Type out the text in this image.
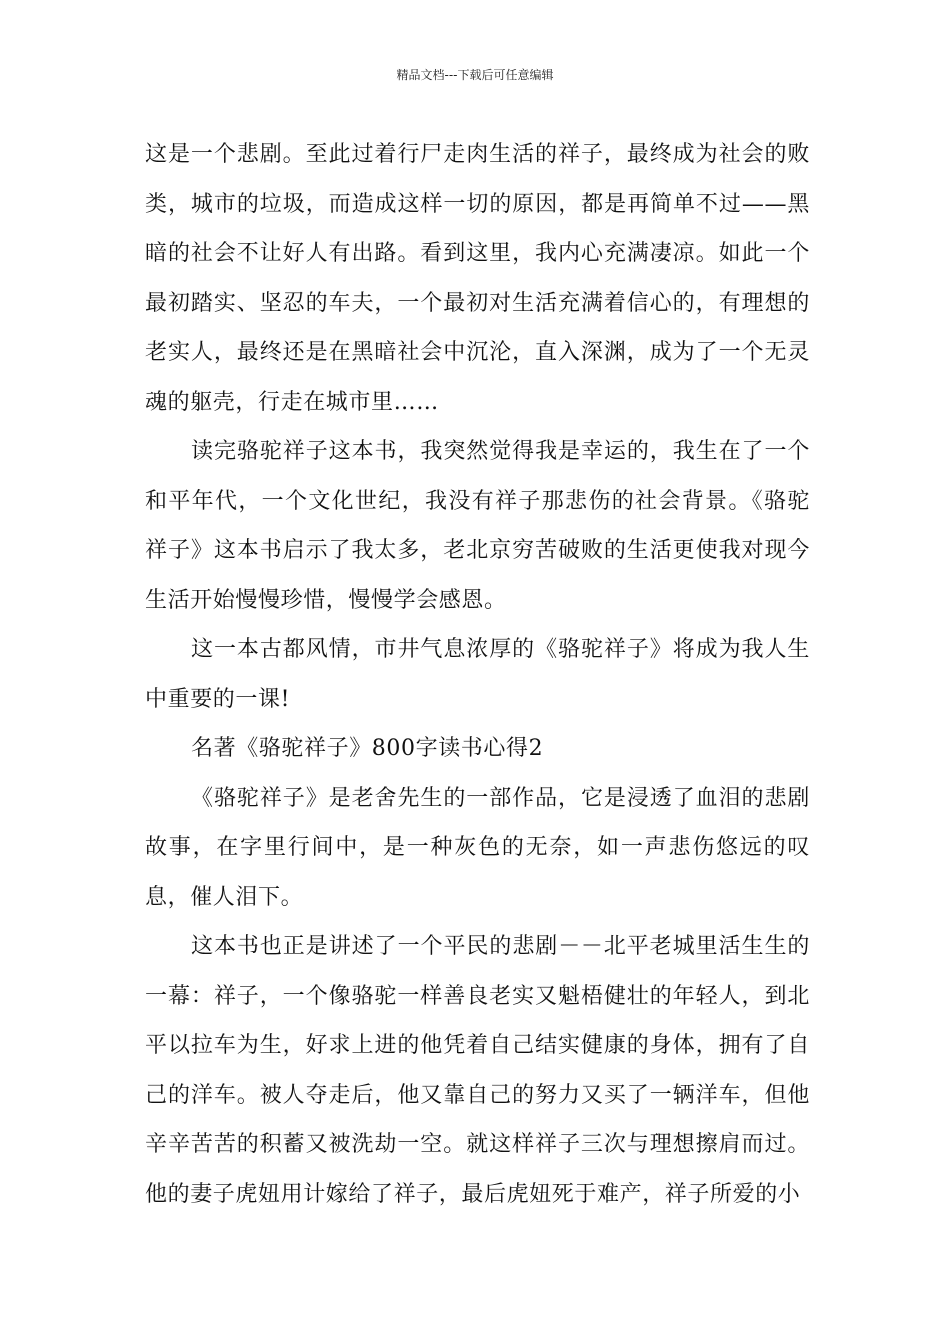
精品文档---下载后可任意编辑

这是一个悲剧。至此过着行尸走肉生活的祥子，最终成为社会的败类，城市的垃圾，而造成这样一切的原因，都是再简单不过——黑暗的社会不让好人有出路。看到这里，我内心充满凄凉。如此一个最初踏实、坚忍的车夫，一个最初对生活充满着信心的，有理想的老实人，最终还是在黑暗社会中沉沦，直入深渊，成为了一个无灵魂的躯壳，行走在城市里……

读完骆驼祥子这本书，我突然觉得我是幸运的，我生在了一个和平年代，一个文化世纪，我没有祥子那悲伤的社会背景。《骆驼祥子》这本书启示了我太多，老北京穷苦破败的生活更使我对现今生活开始慢慢珍惜，慢慢学会感恩。

这一本古都风情，市井气息浓厚的《骆驼祥子》将成为我人生中重要的一课!

名著《骆驼祥子》800字读书心得2

《骆驼祥子》是老舍先生的一部作品，它是浸透了血泪的悲剧故事，在字里行间中，是一种灰色的无奈，如一声悲伤悠远的叹息，催人泪下。

这本书也正是讲述了一个平民的悲剧－－北平老城里活生生的一幕：祥子，一个像骆驼一样善良老实又魁梧健壮的年轻人，到北平以拉车为生，好求上进的他凭着自己结实健康的身体，拥有了自己的洋车。被人夺走后，他又靠自己的努力又买了一辆洋车，但他辛辛苦苦的积蓄又被洗劫一空。就这样祥子三次与理想擦肩而过。他的妻子虎妞用计嫁给了祥子，最后虎妞死于难产，祥子所爱的小
